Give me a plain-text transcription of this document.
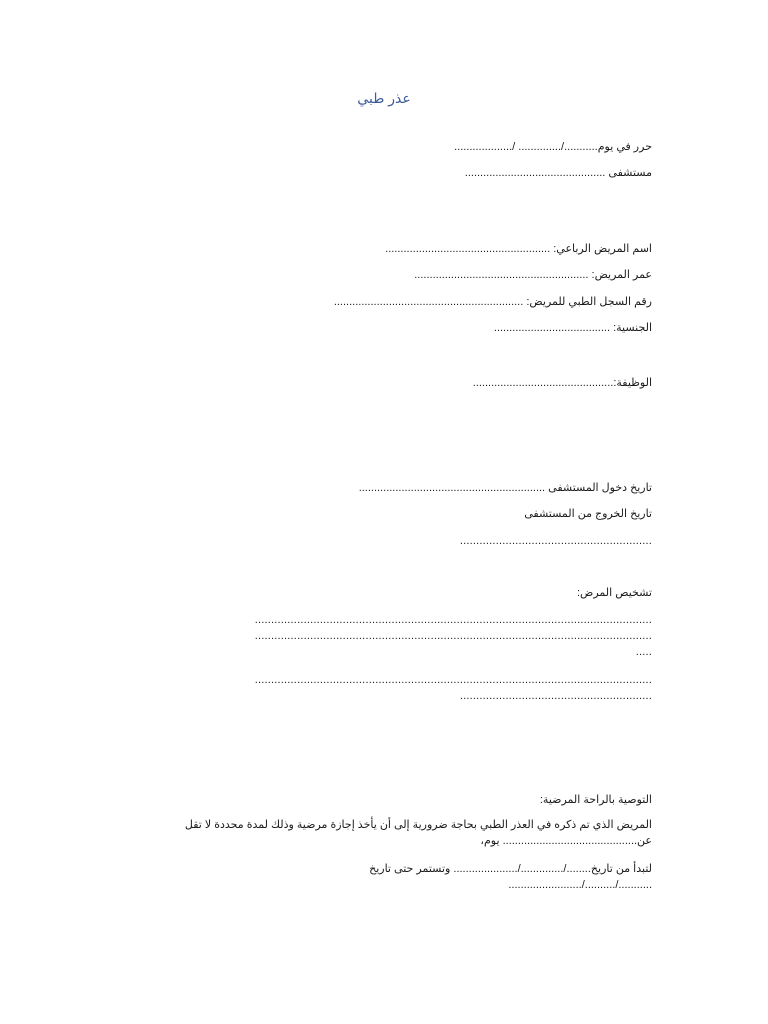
عذر طبي
حرر في يوم.........../.............. /...................
مستشفى ..............................................
اسم المريض الرباعي: ......................................................
عمر المريض: .........................................................
رقم السجل الطبي للمريض: ..............................................................
الجنسية: ......................................
الوظيفة:..............................................
تاريخ دخول المستشفى .............................................................
تاريخ الخروج من المستشفى
...........................................................
تشخيص المرض:
..........................................................................................................................
..........................................................................................................................
.....
..........................................................................................................................
...........................................................
التوصية بالراحة المرضية:
المريض الذي تم ذكره في العذر الطبي بحاجة ضرورية إلى أن يأخذ إجازة مرضية وذلك لمدة محددة لا تقل
عن............................................ يوم،
لتبدأ من تاريخ......../............../..................... وتستمر حتى تاريخ
.........../........../........................
